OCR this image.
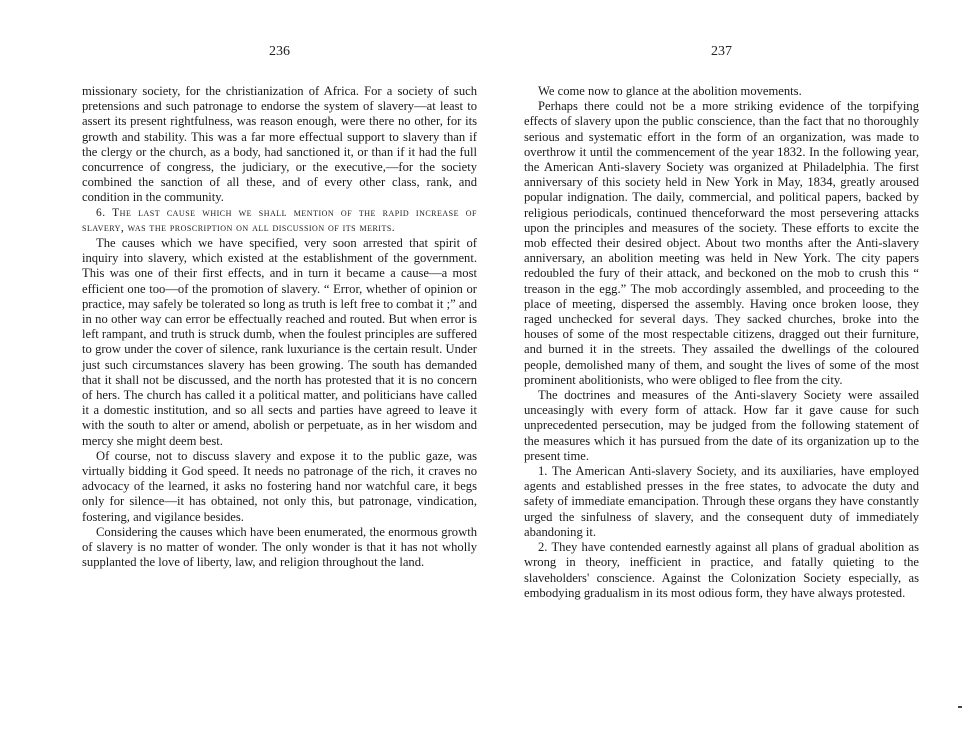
236

missionary society, for the christianization of Africa. For a society of such pretensions and such patronage to endorse the system of slavery—at least to assert its present rightfulness, was reason enough, were there no other, for its growth and stability. This was a far more effectual support to slavery than if the clergy or the church, as a body, had sanctioned it, or than if it had the full concurrence of congress, the judiciary, or the executive,—for the society combined the sanction of all these, and of every other class, rank, and condition in the community.

6. The last cause which we shall mention of the rapid increase of slavery, was the proscription on all discussion of its merits.

The causes which we have specified, very soon arrested that spirit of inquiry into slavery, which existed at the establishment of the government. This was one of their first effects, and in turn it became a cause—a most efficient one too—of the promotion of slavery. “ Error, whether of opinion or practice, may safely be tolerated so long as truth is left free to combat it ;” and in no other way can error be effectually reached and routed. But when error is left rampant, and truth is struck dumb, when the foulest principles are suffered to grow under the cover of silence, rank luxuriance is the certain result. Under just such circumstances slavery has been growing. The south has demanded that it shall not be discussed, and the north has protested that it is no concern of hers. The church has called it a political matter, and politicians have called it a domestic institution, and so all sects and parties have agreed to leave it with the south to alter or amend, abolish or perpetuate, as in her wisdom and mercy she might deem best.

Of course, not to discuss slavery and expose it to the public gaze, was virtually bidding it God speed. It needs no patronage of the rich, it craves no advocacy of the learned, it asks no fostering hand nor watchful care, it begs only for silence—it has obtained, not only this, but patronage, vindication, fostering, and vigilance besides.

Considering the causes which have been enumerated, the enormous growth of slavery is no matter of wonder. The only wonder is that it has not wholly supplanted the love of liberty, law, and religion throughout the land.

237

We come now to glance at the abolition movements.

Perhaps there could not be a more striking evidence of the torpifying effects of slavery upon the public conscience, than the fact that no thoroughly serious and systematic effort in the form of an organization, was made to overthrow it until the commencement of the year 1832. In the following year, the American Anti-slavery Society was organized at Philadelphia. The first anniversary of this society held in New York in May, 1834, greatly aroused popular indignation. The daily, commercial, and political papers, backed by religious periodicals, continued thenceforward the most persevering attacks upon the principles and measures of the society. These efforts to excite the mob effected their desired object. About two months after the Anti-slavery anniversary, an abolition meeting was held in New York. The city papers redoubled the fury of their attack, and beckoned on the mob to crush this “ treason in the egg.” The mob accordingly assembled, and proceeding to the place of meeting, dispersed the assembly. Having once broken loose, they raged unchecked for several days. They sacked churches, broke into the houses of some of the most respectable citizens, dragged out their furniture, and burned it in the streets. They assailed the dwellings of the coloured people, demolished many of them, and sought the lives of some of the most prominent abolitionists, who were obliged to flee from the city.

The doctrines and measures of the Anti-slavery Society were assailed unceasingly with every form of attack. How far it gave cause for such unprecedented persecution, may be judged from the following statement of the measures which it has pursued from the date of its organization up to the present time.

1. The American Anti-slavery Society, and its auxiliaries, have employed agents and established presses in the free states, to advocate the duty and safety of immediate emancipation. Through these organs they have constantly urged the sinfulness of slavery, and the consequent duty of immediately abandoning it.

2. They have contended earnestly against all plans of gradual abolition as wrong in theory, inefficient in practice, and fatally quieting to the slaveholders' conscience. Against the Colonization Society especially, as embodying gradualism in its most odious form, they have always protested.
